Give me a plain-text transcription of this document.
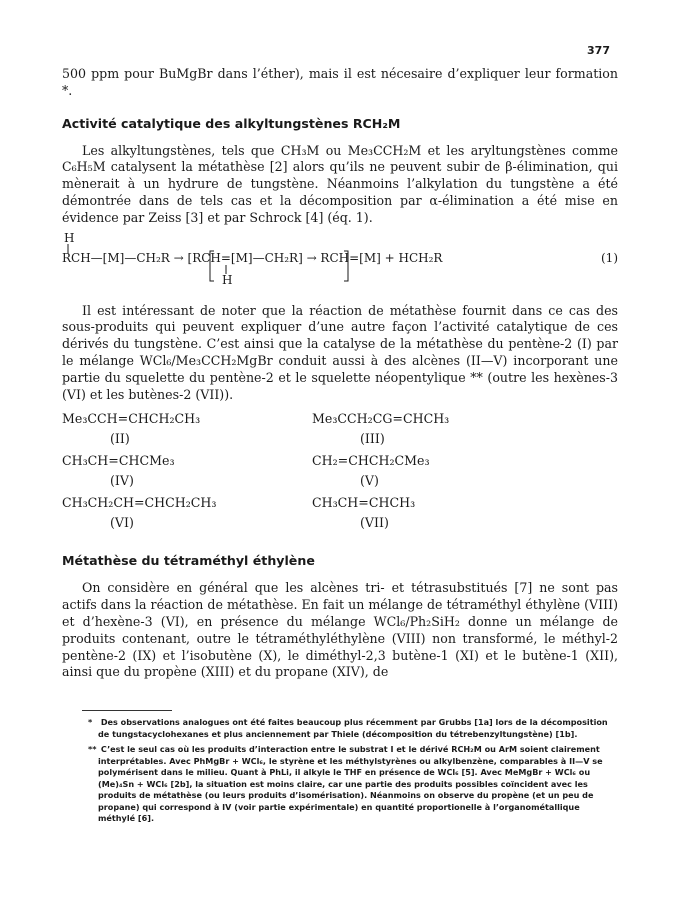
377

500 ppm pour BuMgBr dans l’éther), mais il est nécesaire d’expliquer leur formation *.

Activité catalytique des alkyltungstènes RCH₂M

Les alkyltungstènes, tels que CH₃M ou Me₃CCH₂M et les aryltungstènes comme C₆H₅M catalysent la métathèse [2] alors qu’ils ne peuvent subir de β-élimination, qui mènerait à un hydrure de tungstène. Néanmoins l’alkylation du tungstène a été démontrée dans de tels cas et la décomposition par α-élimination a été mise en évidence par Zeiss [3] et par Schrock [4] (éq. 1).

H
RCH—[M]—CH₂R → [RCH=[M]—CH₂R] → RCH=[M] + HCH₂R
H
(1)

Il est intéressant de noter que la réaction de métathèse fournit dans ce cas des sous-produits qui peuvent expliquer d’une autre façon l’activité catalytique de ces dérivés du tungstène. C’est ainsi que la catalyse de la métathèse du pentène-2 (I) par le mélange WCl₆/Me₃CCH₂MgBr conduit aussi à des alcènes (II—V) incorporant une partie du squelette du pentène-2 et le squelette néopentylique ** (outre les hexènes-3 (VI) et les butènes-2 (VII)).

Me₃CCH=CHCH₂CH₃
(II)
Me₃CCH₂CG=CHCH₃
(III)
CH₃CH=CHCMe₃
(IV)
CH₂=CHCH₂CMe₃
(V)
CH₃CH₂CH=CHCH₂CH₃
(VI)
CH₃CH=CHCH₃
(VII)
Métathèse du tétraméthyl éthylène

On considère en général que les alcènes tri- et tétrasubstitués [7] ne sont pas actifs dans la réaction de métathèse. En fait un mélange de tétraméthyl éthylène (VIII) et d’hexène-3 (VI), en présence du mélange WCl₆/Ph₂SiH₂ donne un mélange de produits contenant, outre le tétraméthyléthylène (VIII) non transformé, le méthyl-2 pentène-2 (IX) et l’isobutène (X), le diméthyl-2,3 butène-1 (XI) et le butène-1 (XII), ainsi que du propène (XIII) et du propane (XIV), de

* Des observations analogues ont été faites beaucoup plus récemment par Grubbs [1a] lors de la décomposition de tungstacyclohexanes et plus anciennement par Thiele (décomposition du tétrebenzyltungstène) [1b].
** C’est le seul cas où les produits d’interaction entre le substrat I et le dérivé RCH₂M ou ArM soient clairement interprétables. Avec PhMgBr + WCl₆, le styrène et les méthylstyrènes ou alkylbenzène, comparables à II—V se polymérisent dans le milieu. Quant à PhLi, il alkyle le THF en présence de WCl₆ [5]. Avec MeMgBr + WCl₆ ou (Me)₄Sn + WCl₆ [2b], la situation est moins claire, car une partie des produits possibles coïncident avec les produits de métathèse (ou leurs produits d’isomérisation). Néanmoins on observe du propène (et un peu de propane) qui correspond à IV (voir partie expérimentale) en quantité proportionelle à l’organométallique méthylé [6].
